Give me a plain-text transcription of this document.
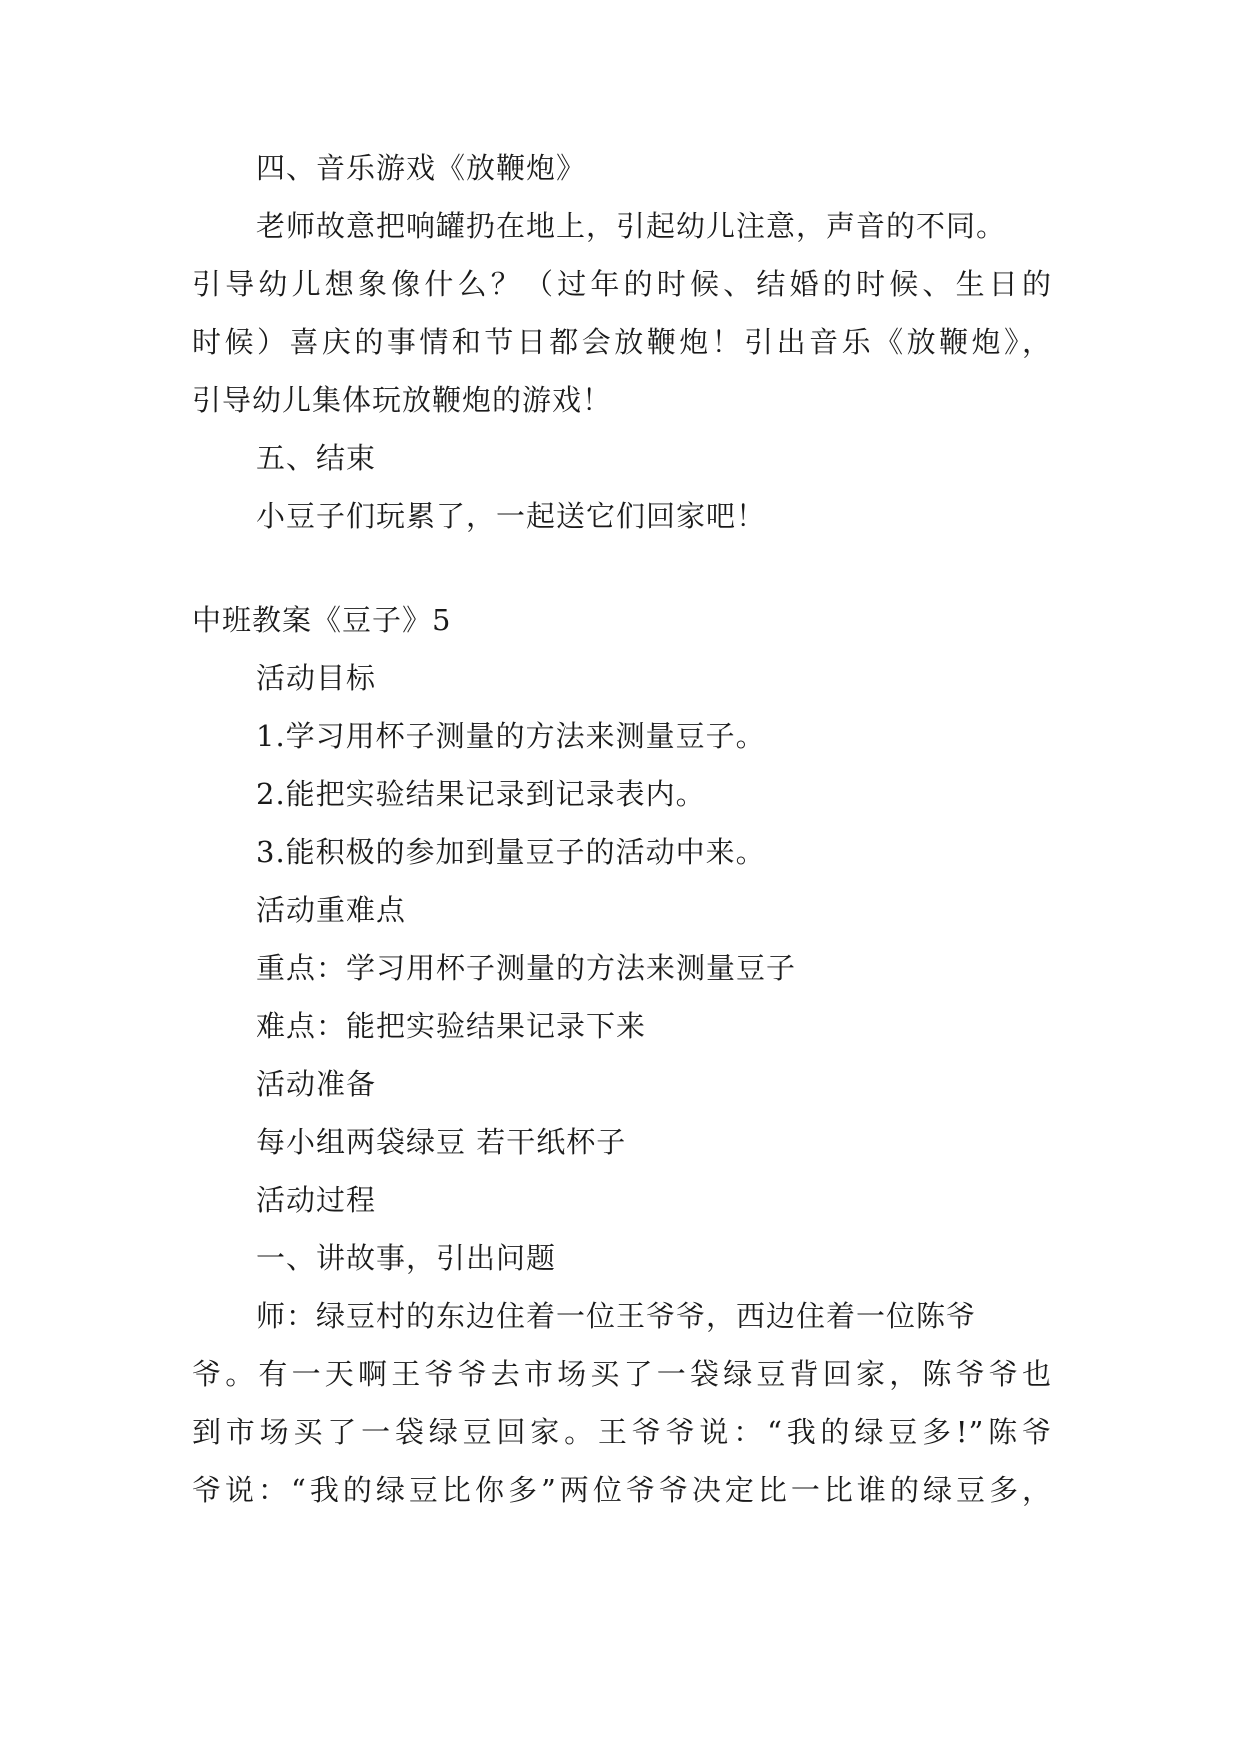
四、音乐游戏《放鞭炮》
老师故意把响罐扔在地上，引起幼儿注意，声音的不同。
引导幼儿想象像什么？（过年的时候、结婚的时候、生日的
时候）喜庆的事情和节日都会放鞭炮！引出音乐《放鞭炮》，
引导幼儿集体玩放鞭炮的游戏！
五、结束
小豆子们玩累了，一起送它们回家吧！
中班教案《豆子》5
活动目标
1.学习用杯子测量的方法来测量豆子。
2.能把实验结果记录到记录表内。
3.能积极的参加到量豆子的活动中来。
活动重难点
重点：学习用杯子测量的方法来测量豆子
难点：能把实验结果记录下来
活动准备
每小组两袋绿豆 若干纸杯子
活动过程
一、讲故事，引出问题
师：绿豆村的东边住着一位王爷爷，西边住着一位陈爷
爷。有一天啊王爷爷去市场买了一袋绿豆背回家，陈爷爷也
到市场买了一袋绿豆回家。王爷爷说：“我的绿豆多!”陈爷
爷说：“我的绿豆比你多”两位爷爷决定比一比谁的绿豆多，
